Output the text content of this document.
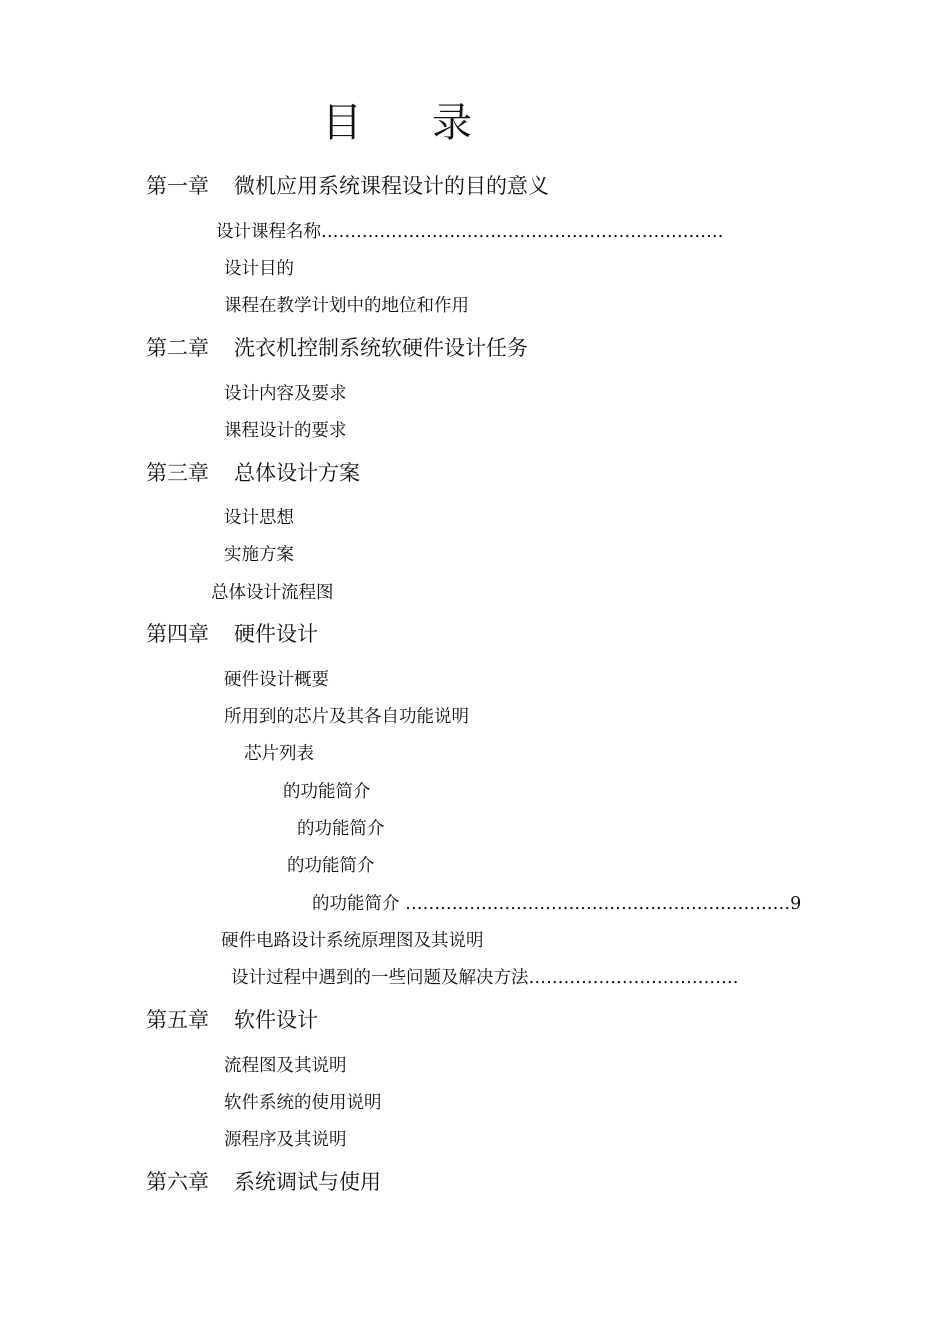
目 录
第一章 微机应用系统课程设计的目的意义
设计课程名称……………………………………………………………
设计目的
课程在教学计划中的地位和作用
第二章 洗衣机控制系统软硬件设计任务
设计内容及要求
课程设计的要求
第三章 总体设计方案
设计思想
实施方案
总体设计流程图
第四章 硬件设计
硬件设计概要
所用到的芯片及其各自功能说明
芯片列表
的功能简介
的功能简介
的功能简介
的功能简介 …………………………………………………………9
硬件电路设计系统原理图及其说明
设计过程中遇到的一些问题及解决方法………………………………
第五章 软件设计
流程图及其说明
软件系统的使用说明
源程序及其说明
第六章 系统调试与使用
